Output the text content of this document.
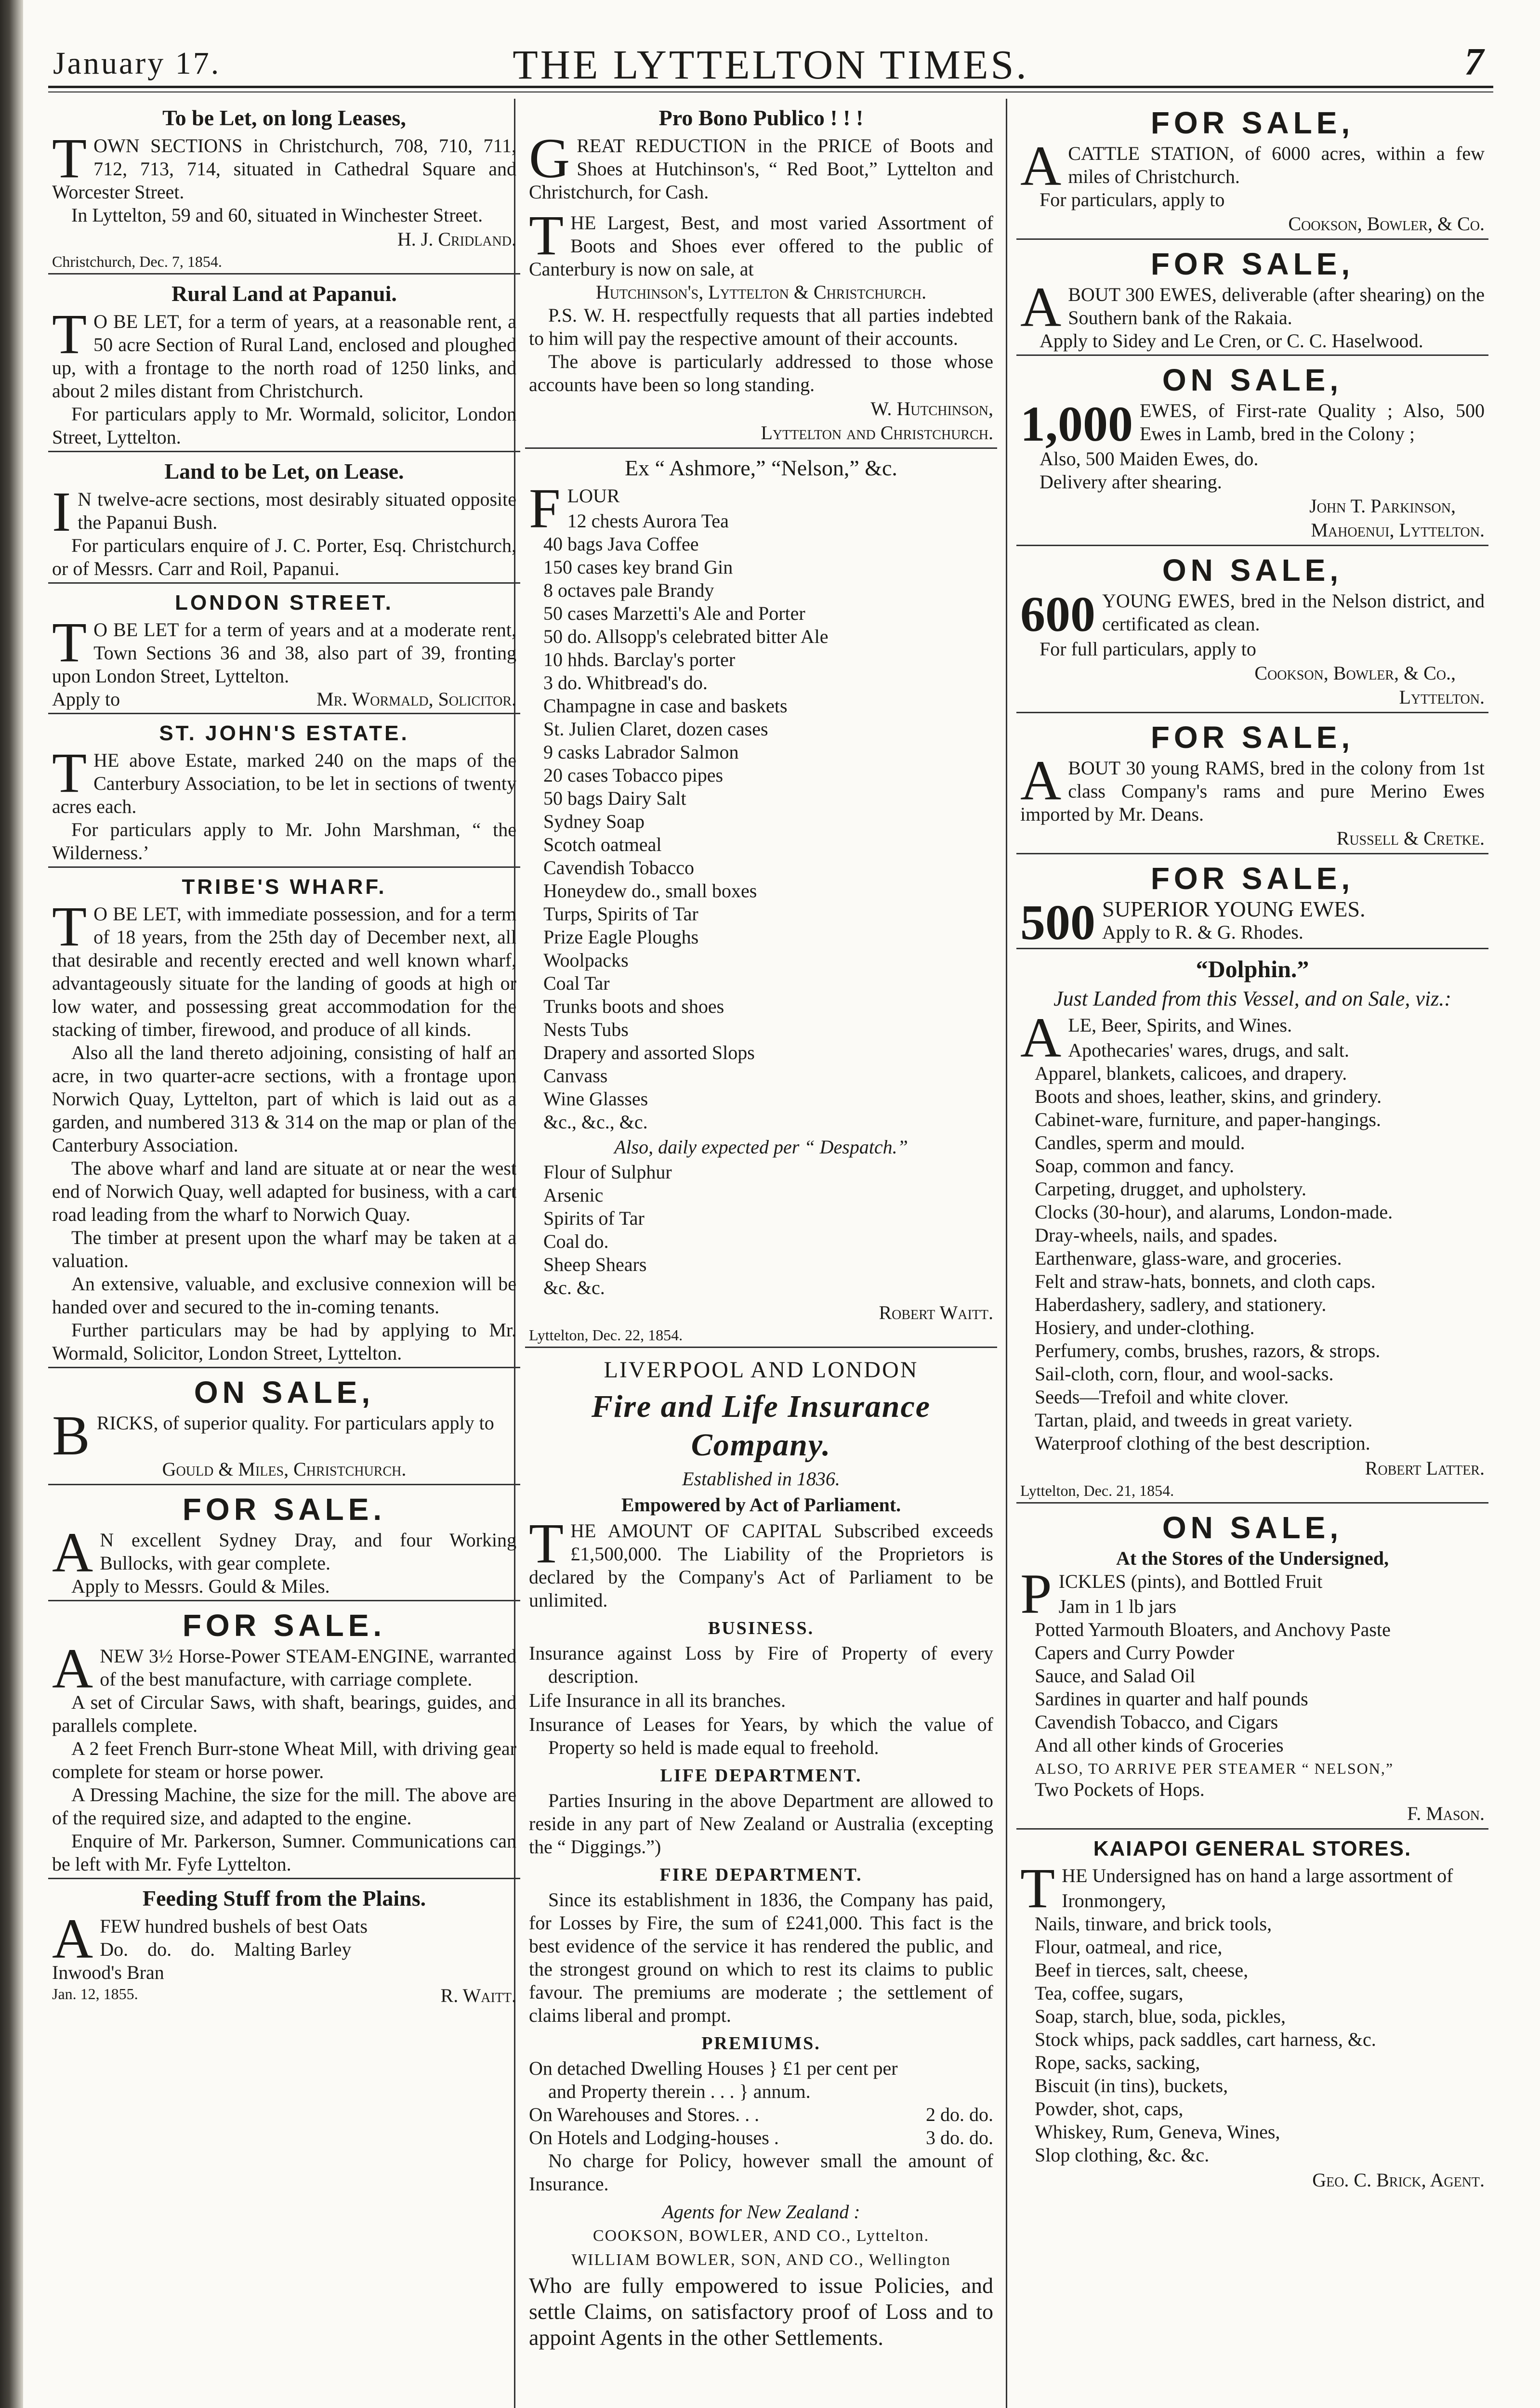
January 17.	THE LYTTELTON TIMES.	7
To be Let, on long Leases,

TOWN SECTIONS in Christchurch, 708, 710, 711, 712, 713, 714, situated in Cathedral Square and Worcester Street.

In Lyttelton, 59 and 60, situated in Winchester Street.

H. J. Cridland.
Christchurch, Dec. 7, 1854.
Rural Land at Papanui.

T O BE LET, for a term of years, at a reasonable rent, a 50 acre Section of Rural Land, enclosed and ploughed up, with a frontage to the north road of 1250 links, and about 2 miles distant from Christchurch.

For particulars apply to Mr. Wormald, solicitor, London Street, Lyttelton.

Land to be Let, on Lease.

I N twelve-acre sections, most desirably situated opposite the Papanui Bush.

For particulars enquire of J. C. Porter, Esq. Christchurch, or of Messrs. Carr and Roil, Papanui.

LONDON STREET.

T O BE LET for a term of years and at a moderate rent, Town Sections 36 and 38, also part of 39, fronting upon London Street, Lyttelton.

Apply to	Mr. Wormald, Solicitor.

ST. JOHN'S ESTATE.

THE above Estate, marked 240 on the maps of the Canterbury Association, to be let in sections of twenty acres each.

For particulars apply to Mr. John Marshman, “ the Wilderness.’

TRIBE'S WHARF.

T O BE LET, with immediate possession, and for a term of 18 years, from the 25th day of December next, all that desirable and recently erected and well known wharf, advantageously situate for the landing of goods at high or low water, and possessing great accommodation for the stacking of timber, firewood, and produce of all kinds.

Also all the land thereto adjoining, consisting of half an acre, in two quarter-acre sections, with a frontage upon Norwich Quay, Lyttelton, part of which is laid out as a garden, and numbered 313 & 314 on the map or plan of the Canterbury Association.

The above wharf and land are situate at or near the west end of Norwich Quay, well adapted for business, with a cart road leading from the wharf to Norwich Quay.

The timber at present upon the wharf may be taken at a valuation.

An extensive, valuable, and exclusive connexion will be handed over and secured to the in-coming tenants.

Further particulars may be had by applying to Mr. Wormald, Solicitor, London Street, Lyttelton.

ON SALE,

BRICKS, of superior quality. For particulars apply to

Gould & Miles, Christchurch.
FOR SALE.

A N excellent Sydney Dray, and four Working Bullocks, with gear complete.

Apply to Messrs. Gould & Miles.

FOR SALE.

ANEW 3½ Horse-Power STEAM-ENGINE, warranted of the best manufacture, with carriage complete.

A set of Circular Saws, with shaft, bearings, guides, and parallels complete.

A 2 feet French Burr-stone Wheat Mill, with driving gear complete for steam or horse power.

A Dressing Machine, the size for the mill. The above are of the required size, and adapted to the engine.

Enquire of Mr. Parkerson, Sumner. Communications can be left with Mr. Fyfe Lyttelton.

Feeding Stuff from the Plains.

AFEW hundred bushels of best Oats

Do.    do.    do.    Malting Barley

Inwood's Bran

Jan. 12, 1855.	R. Waitt.
Pro Bono Publico ! ! !

GREAT REDUCTION in the PRICE of Boots and Shoes at Hutchinson's, “ Red Boot,” Lyttelton and Christchurch, for Cash.

THE Largest, Best, and most varied Assortment of Boots and Shoes ever offered to the public of Canterbury is now on sale, at

Hutchinson's, Lyttelton & Christchurch.

P.S. W. H. respectfully requests that all parties indebted to him will pay the respective amount of their accounts.

The above is particularly addressed to those whose accounts have been so long standing.

W. Hutchinson,
Lyttelton and Christchurch.
Ex “ Ashmore,” “Nelson,” &c.

FLOUR

12 chests Aurora Tea
40 bags Java Coffee
150 cases key brand Gin
8 octaves pale Brandy
50 cases Marzetti's Ale and Porter
50 do. Allsopp's celebrated bitter Ale
10 hhds. Barclay's porter
3 do. Whitbread's do.
Champagne in case and baskets
St. Julien Claret, dozen cases
9 casks Labrador Salmon
20 cases Tobacco pipes
50 bags Dairy Salt
Sydney Soap
Scotch oatmeal
Cavendish Tobacco
Honeydew do., small boxes
Turps, Spirits of Tar
Prize Eagle Ploughs
Woolpacks
Coal Tar
Trunks boots and shoes
Nests Tubs
Drapery and assorted Slops
Canvass
Wine Glasses
&c., &c., &c.

Also, daily expected per “ Despatch.”

Flour of Sulphur
Arsenic
Spirits of Tar
Coal do.
Sheep Shears
&c. &c.
Robert Waitt.
Lyttelton, Dec. 22, 1854.
LIVERPOOL AND LONDON
Fire and Life Insurance Company.
Established in 1836.
Empowered by Act of Parliament.

THE AMOUNT OF CAPITAL Subscribed exceeds £1,500,000. The Liability of the Proprietors is declared by the Company's Act of Parliament to be unlimited.

BUSINESS.
Insurance against Loss by Fire of Property of every description.
Life Insurance in all its branches.
Insurance of Leases for Years, by which the value of Property so held is made equal to freehold.
LIFE DEPARTMENT.

Parties Insuring in the above Department are allowed to reside in any part of New Zealand or Australia (excepting the “ Diggings.”)

FIRE DEPARTMENT.

Since its establishment in 1836, the Company has paid, for Losses by Fire, the sum of £241,000. This fact is the best evidence of the service it has rendered the public, and the strongest ground on which to rest its claims to public favour. The premiums are moderate ; the settlement of claims liberal and prompt.

PREMIUMS.

On detached Dwelling Houses } £1 per cent per

and Property therein . . . } annum.

On Warehouses and Stores. . .	2 do. do.
On Hotels and Lodging-houses .	3 do. do.

No charge for Policy, however small the amount of Insurance.

Agents for New Zealand :
COOKSON, BOWLER, AND CO., Lyttelton.
WILLIAM BOWLER, SON, AND CO., Wellington

Who are fully empowered to issue Policies, and settle Claims, on satisfactory proof of Loss and to appoint Agents in the other Settlements.

FOR SALE,

ACATTLE STATION, of 6000 acres, within a few miles of Christchurch.

For particulars, apply to

Cookson, Bowler, & Co.
FOR SALE,

ABOUT 300 EWES, deliverable (after shearing) on the Southern bank of the Rakaia.

Apply to Sidey and Le Cren, or C. C. Haselwood.

ON SALE,

1,000 EWES, of First-rate Quality ; Also, 500 Ewes in Lamb, bred in the Colony ;

Also, 500 Maiden Ewes, do.

Delivery after shearing.

John T. Parkinson,
Mahoenui, Lyttelton.
ON SALE,

600 YOUNG EWES, bred in the Nelson district, and certificated as clean.

For full particulars, apply to

Cookson, Bowler, & Co.,
Lyttelton.
FOR SALE,

ABOUT 30 young RAMS, bred in the colony from 1st class Company's rams and pure Merino Ewes imported by Mr. Deans.

Russell & Cretke.
FOR SALE,

500 SUPERIOR YOUNG EWES.

Apply to R. & G. Rhodes.

“Dolphin.”
Just Landed from this Vessel, and on Sale, viz.:

ALE, Beer, Spirits, and Wines.

Apothecaries' wares, drugs, and salt.
Apparel, blankets, calicoes, and drapery.
Boots and shoes, leather, skins, and grindery.
Cabinet-ware, furniture, and paper-hangings.
Candles, sperm and mould.
Soap, common and fancy.
Carpeting, drugget, and upholstery.
Clocks (30-hour), and alarums, London-made.
Dray-wheels, nails, and spades.
Earthenware, glass-ware, and groceries.
Felt and straw-hats, bonnets, and cloth caps.
Haberdashery, sadlery, and stationery.
Hosiery, and under-clothing.
Perfumery, combs, brushes, razors, & strops.
Sail-cloth, corn, flour, and wool-sacks.
Seeds—Trefoil and white clover.
Tartan, plaid, and tweeds in great variety.
Waterproof clothing of the best description.
Robert Latter.
Lyttelton, Dec. 21, 1854.
ON SALE,
At the Stores of the Undersigned,

PICKLES (pints), and Bottled Fruit

Jam in 1 lb jars
Potted Yarmouth Bloaters, and Anchovy Paste
Capers and Curry Powder
Sauce, and Salad Oil
Sardines in quarter and half pounds
Cavendish Tobacco, and Cigars
And all other kinds of Groceries
ALSO, TO ARRIVE PER STEAMER “ NELSON,”
Two Pockets of Hops.
F. Mason.
KAIAPOI GENERAL STORES.

THE Undersigned has on hand a large assortment of

Ironmongery,
Nails, tinware, and brick tools,
Flour, oatmeal, and rice,
Beef in tierces, salt, cheese,
Tea, coffee, sugars,
Soap, starch, blue, soda, pickles,
Stock whips, pack saddles, cart harness, &c.
Rope, sacks, sacking,
Biscuit (in tins), buckets,
Powder, shot, caps,
Whiskey, Rum, Geneva, Wines,
Slop clothing, &c. &c.
Geo. C. Brick, Agent.
